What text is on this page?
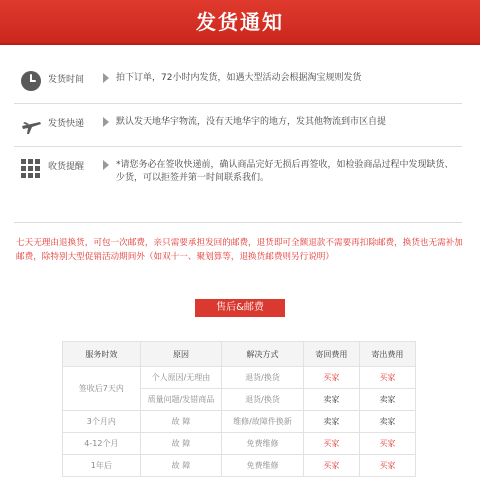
发货通知
发货时间	拍下订单，72小时内发货，如遇大型活动会根据淘宝规则发货
发货快递	默认发天地华宇物流，没有天地华宇的地方，发其他物流到市区自提
收货提醒	*请您务必在签收快递前，确认商品完好无损后再签收，如检验商品过程中发现缺货、少货，可以拒签并第一时间联系我们。
七天无理由退换货，可包一次邮费，亲只需要承担发回的邮费，退货即可全额退款不需要再扣除邮费，换货也无需补加邮费，除特别大型促销活动期间外（如双十一、聚划算等，退换货邮费则另行说明）
售后&邮费
服务时效	原因	解决方式	寄回费用	寄出费用
签收后7天内	个人原因/无理由	退货/换货	买家	买家
	质量问题/发错商品	退货/换货	卖家	卖家
3个月内	故 障	维修/故障件换新	卖家	卖家
4-12个月	故 障	免费维修	买家	买家
1年后	故 障	免费维修	买家	买家
